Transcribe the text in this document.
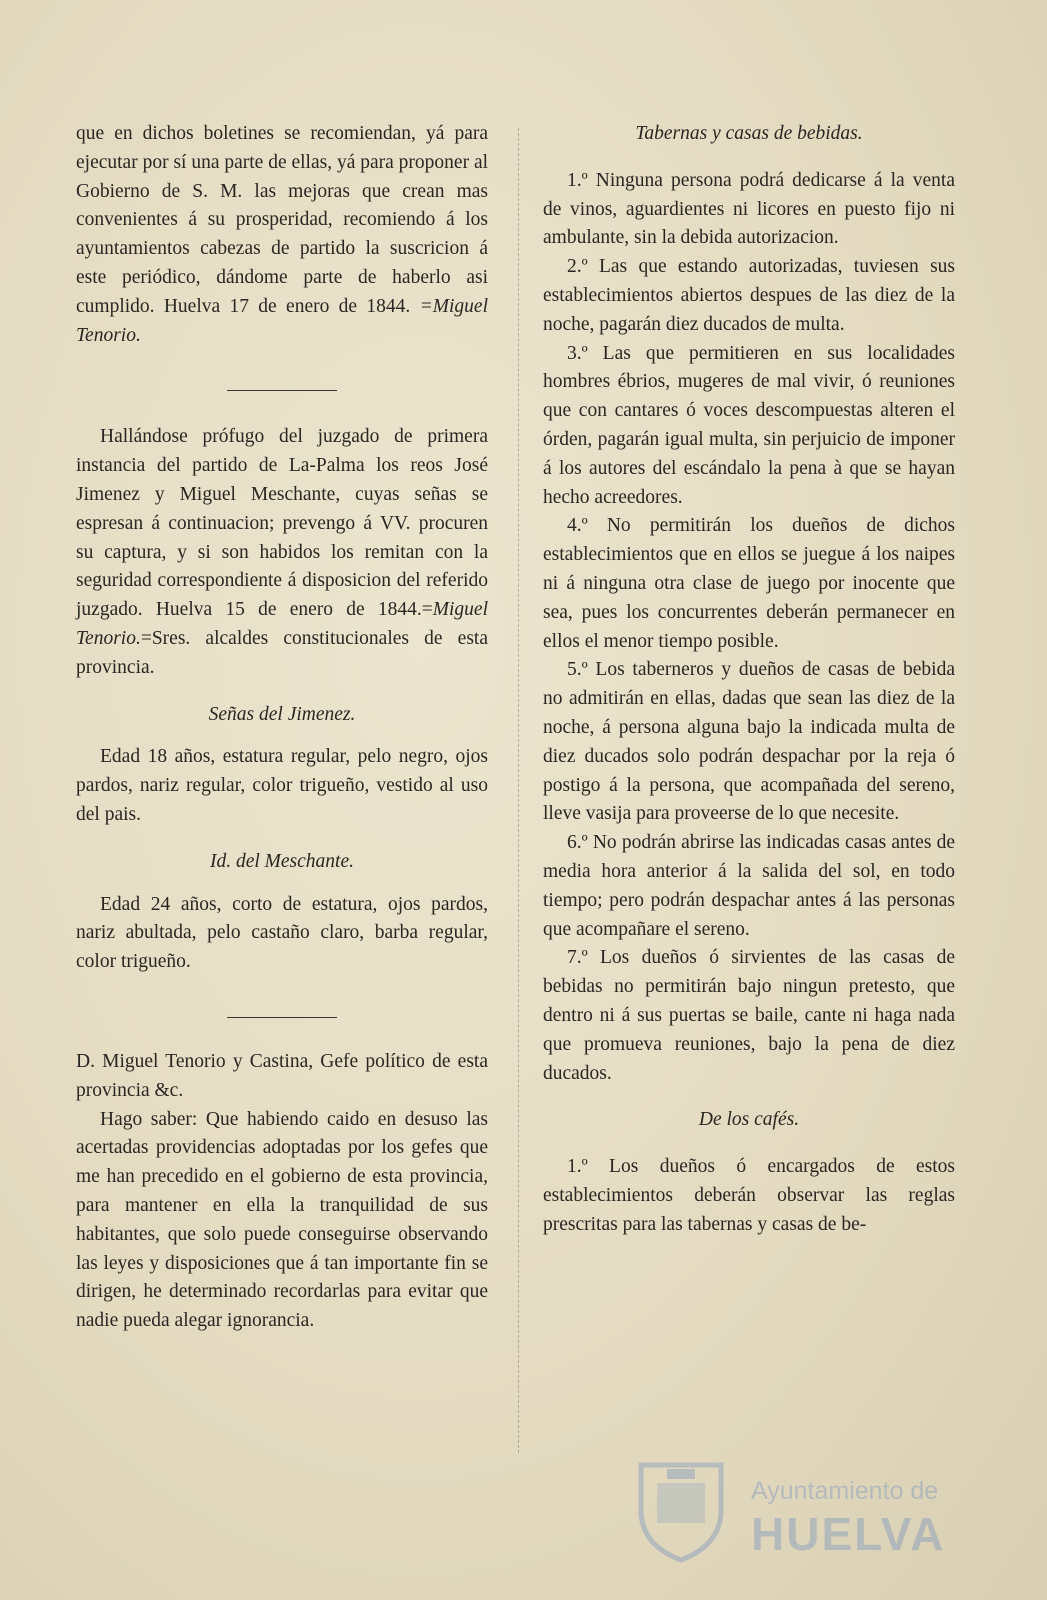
que en dichos boletines se recomiendan, yá para ejecutar por sí una parte de ellas, yá para proponer al Gobierno de S. M. las mejoras que crean mas convenientes á su prosperidad, recomiendo á los ayuntamientos cabezas de partido la suscricion á este periódico, dándome parte de haberlo asi cumplido. Huelva 17 de enero de 1844. =Miguel Tenorio.

Hallándose prófugo del juzgado de primera instancia del partido de La-Palma los reos José Jimenez y Miguel Meschante, cuyas señas se espresan á continuacion; prevengo á VV. procuren su captura, y si son habidos los remitan con la seguridad correspondiente á disposicion del referido juzgado. Huelva 15 de enero de 1844.=Miguel Tenorio.=Sres. alcaldes constitucionales de esta provincia.

Señas del Jimenez.

Edad 18 años, estatura regular, pelo negro, ojos pardos, nariz regular, color trigueño, vestido al uso del pais.

Id. del Meschante.

Edad 24 años, corto de estatura, ojos pardos, nariz abultada, pelo castaño claro, barba regular, color trigueño.

D. Miguel Tenorio y Castina, Gefe político de esta provincia &c.

Hago saber: Que habiendo caido en desuso las acertadas providencias adoptadas por los gefes que me han precedido en el gobierno de esta provincia, para mantener en ella la tranquilidad de sus habitantes, que solo puede conseguirse observando las leyes y disposiciones que á tan importante fin se dirigen, he determinado recordarlas para evitar que nadie pueda alegar ignorancia.

Tabernas y casas de bebidas.

1.º Ninguna persona podrá dedicarse á la venta de vinos, aguardientes ni licores en puesto fijo ni ambulante, sin la debida autorizacion.

2.º Las que estando autorizadas, tuviesen sus establecimientos abiertos despues de las diez de la noche, pagarán diez ducados de multa.

3.º Las que permitieren en sus localidades hombres ébrios, mugeres de mal vivir, ó reuniones que con cantares ó voces descompuestas alteren el órden, pagarán igual multa, sin perjuicio de imponer á los autores del escándalo la pena à que se hayan hecho acreedores.

4.º No permitirán los dueños de dichos establecimientos que en ellos se juegue á los naipes ni á ninguna otra clase de juego por inocente que sea, pues los concurrentes deberán permanecer en ellos el menor tiempo posible.

5.º Los taberneros y dueños de casas de bebida no admitirán en ellas, dadas que sean las diez de la noche, á persona alguna bajo la indicada multa de diez ducados solo podrán despachar por la reja ó postigo á la persona, que acompañada del sereno, lleve vasija para proveerse de lo que necesite.

6.º No podrán abrirse las indicadas casas antes de media hora anterior á la salida del sol, en todo tiempo; pero podrán despachar antes á las personas que acompañare el sereno.

7.º Los dueños ó sirvientes de las casas de bebidas no permitirán bajo ningun pretesto, que dentro ni á sus puertas se baile, cante ni haga nada que promueva reuniones, bajo la pena de diez ducados.

De los cafés.

1.º Los dueños ó encargados de estos establecimientos deberán observar las reglas prescritas para las tabernas y casas de be-

Ayuntamiento de
HUELVA
